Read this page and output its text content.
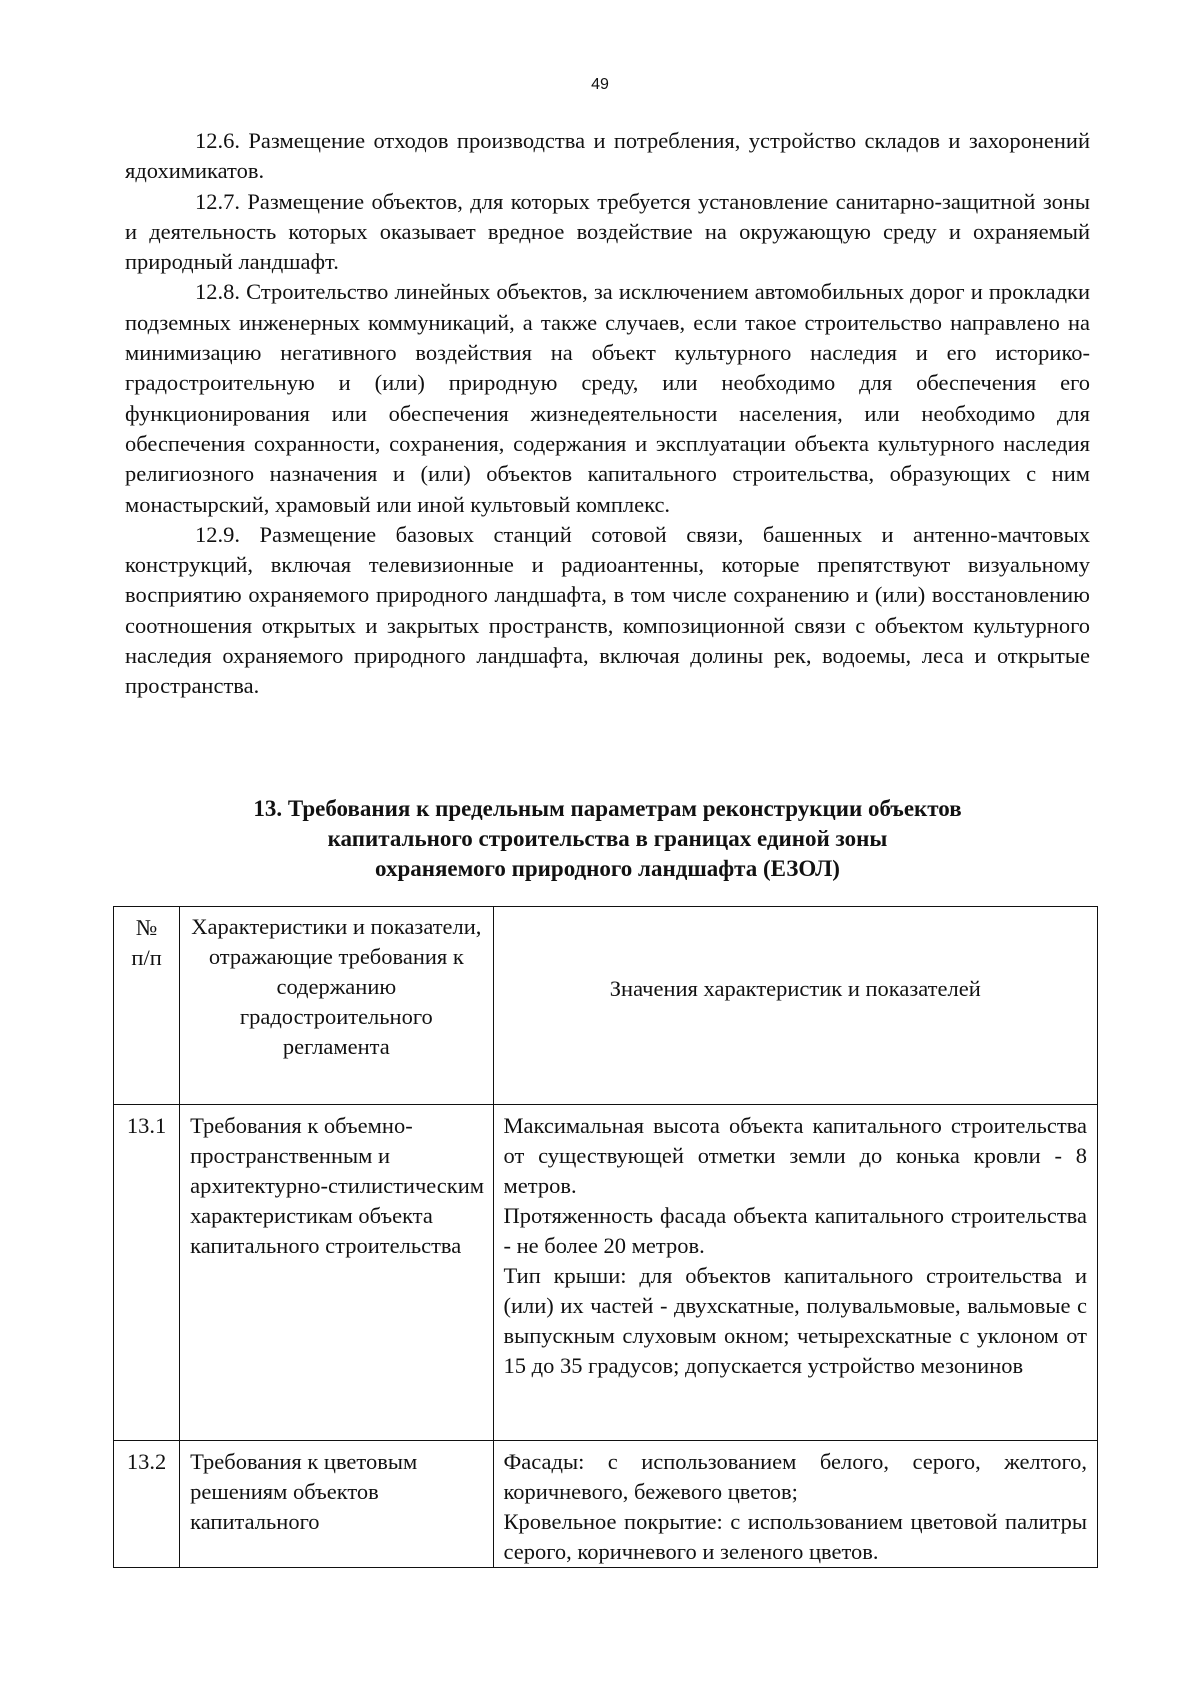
49

12.6. Размещение отходов производства и потребления, устройство складов и захоронений ядохимикатов.

12.7. Размещение объектов, для которых требуется установление санитарно-защитной зоны и деятельность которых оказывает вредное воздействие на окружающую среду и охраняемый природный ландшафт.

12.8. Строительство линейных объектов, за исключением автомобильных дорог и прокладки подземных инженерных коммуникаций, а также случаев, если такое строительство направлено на минимизацию негативного воздействия на объект культурного наследия и его историко-градостроительную и (или) природную среду, или необходимо для обеспечения его функционирования или обеспечения жизнедеятельности населения, или необходимо для обеспечения сохранности, сохранения, содержания и эксплуатации объекта культурного наследия религиозного назначения и (или) объектов капитального строительства, образующих с ним монастырский, храмовый или иной культовый комплекс.

12.9. Размещение базовых станций сотовой связи, башенных и антенно-мачтовых конструкций, включая телевизионные и радиоантенны, которые препятствуют визуальному восприятию охраняемого природного ландшафта, в том числе сохранению и (или) восстановлению соотношения открытых и закрытых пространств, композиционной связи с объектом культурного наследия охраняемого природного ландшафта, включая долины рек, водоемы, леса и открытые пространства.

13. Требования к предельным параметрам реконструкции объектов
капитального строительства в границах единой зоны
охраняемого природного ландшафта (ЕЗОЛ)
№
п/п	Характеристики и показатели, отражающие требования к содержанию градостроительного регламента	Значения характеристик и показателей
13.1	Требования к объемно-пространственным и архитектурно-стилистическим характеристикам объекта капитального строительства	Максимальная высота объекта капитального строительства от существующей отметки земли до конька кровли - 8 метров.

Протяженность фасада объекта капитального строительства - не более 20 метров.

Тип крыши: для объектов капитального строительства и (или) их частей - двухскатные, полувальмовые, вальмовые с выпускным слуховым окном; четырехскатные с уклоном от 15 до 35 градусов; допускается устройство мезонинов

13.2	Требования к цветовым решениям объектов капитального	Фасады: с использованием белого, серого, желтого, коричневого, бежевого цветов;

Кровельное покрытие: с использованием цветовой палитры серого, коричневого и зеленого цветов.
